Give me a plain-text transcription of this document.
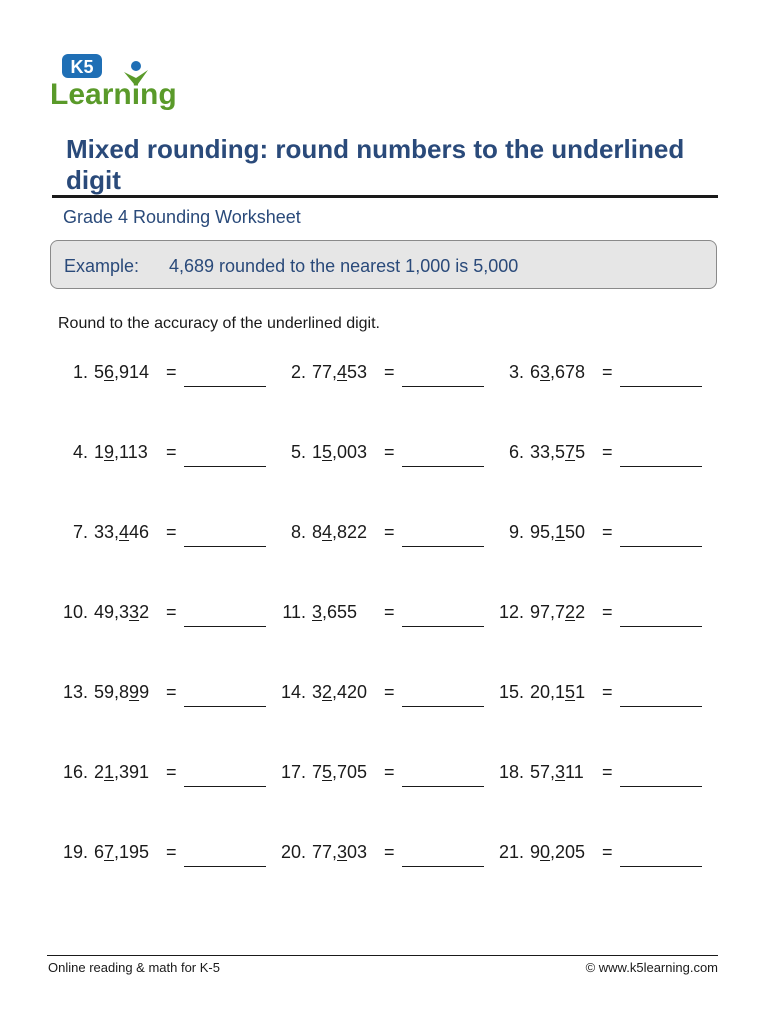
K5
Learning
Mixed rounding: round numbers to the underlined digit
Grade 4 Rounding Worksheet
Example: 4,689 rounded to the nearest 1,000 is 5,000
Round to the accuracy of the underlined digit.
1. 56,914 =	2. 77,453 =	3. 63,678 =
4. 19,113 =	5. 15,003 =	6. 33,575 =
7. 33,446 =	8. 84,822 =	9. 95,150 =
10. 49,332 =	11. 3,655 =	12. 97,722 =
13. 59,899 =	14. 32,420 =	15. 20,151 =
16. 21,391 =	17. 75,705 =	18. 57,311 =
19. 67,195 =	20. 77,303 =	21. 90,205 =
Online reading & math for K-5	© www.k5learning.com
